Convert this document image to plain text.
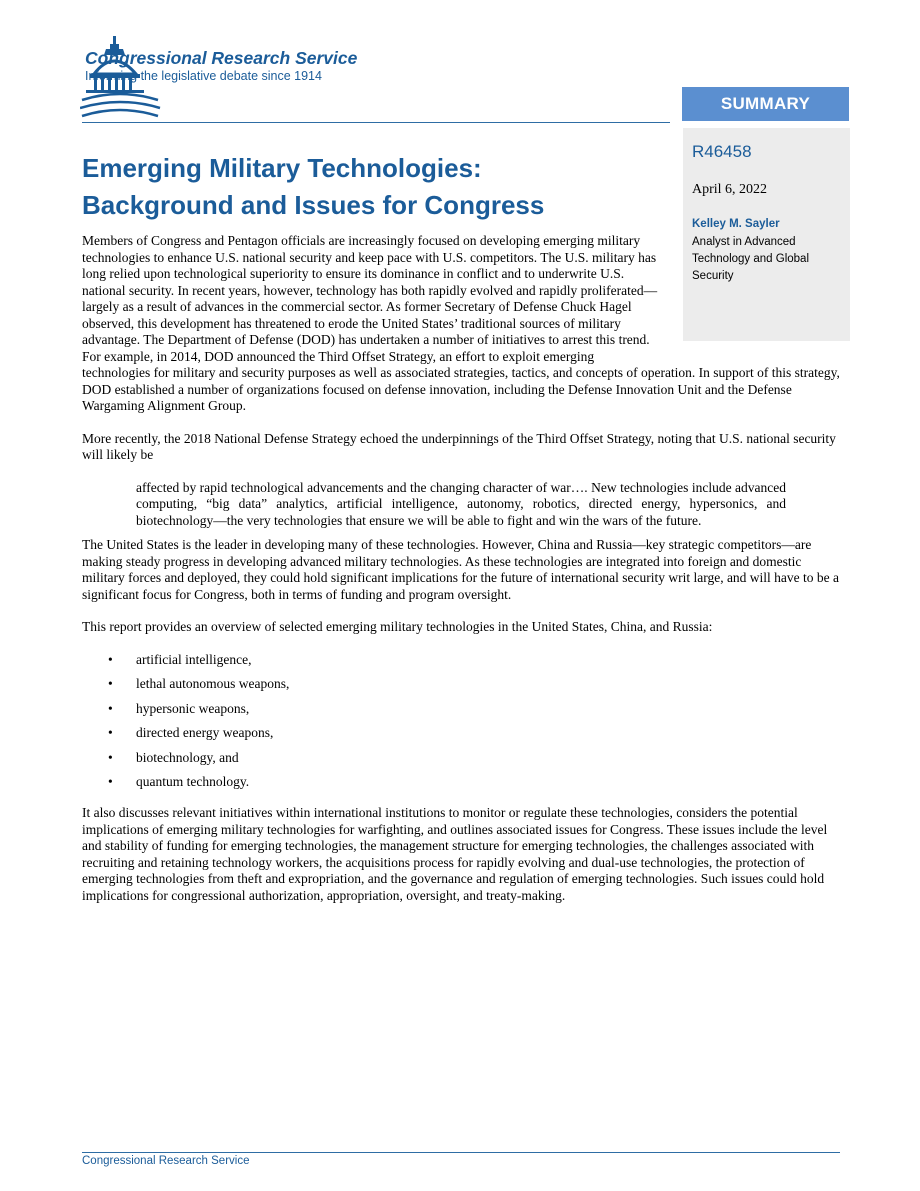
Congressional Research Service
Informing the legislative debate since 1914
SUMMARY
R46458
April 6, 2022
Kelley M. Sayler
Analyst in Advanced Technology and Global Security
Emerging Military Technologies:
Background and Issues for Congress

Members of Congress and Pentagon officials are increasingly focused on developing emerging military technologies to enhance U.S. national security and keep pace with U.S. competitors. The U.S. military has long relied upon technological superiority to ensure its dominance in conflict and to underwrite U.S. national security. In recent years, however, technology has both rapidly evolved and rapidly proliferated—largely as a result of advances in the commercial sector. As former Secretary of Defense Chuck Hagel observed, this development has threatened to erode the United States’ traditional sources of military advantage. The Department of Defense (DOD) has undertaken a number of initiatives to arrest this trend. For example, in 2014, DOD announced the Third Offset Strategy, an effort to exploit emerging technologies for military and security purposes as well as associated strategies, tactics, and concepts of operation. In support of this strategy, DOD established a number of organizations focused on defense innovation, including the Defense Innovation Unit and the Defense Wargaming Alignment Group.

More recently, the 2018 National Defense Strategy echoed the underpinnings of the Third Offset Strategy, noting that U.S. national security will likely be

affected by rapid technological advancements and the changing character of war…. New technologies include advanced computing, “big data” analytics, artificial intelligence, autonomy, robotics, directed energy, hypersonics, and biotechnology—the very technologies that ensure we will be able to fight and win the wars of the future.

The United States is the leader in developing many of these technologies. However, China and Russia—key strategic competitors—are making steady progress in developing advanced military technologies. As these technologies are integrated into foreign and domestic military forces and deployed, they could hold significant implications for the future of international security writ large, and will have to be a significant focus for Congress, both in terms of funding and program oversight.

This report provides an overview of selected emerging military technologies in the United States, China, and Russia:

• artificial intelligence,
• lethal autonomous weapons,
• hypersonic weapons,
• directed energy weapons,
• biotechnology, and
• quantum technology.

It also discusses relevant initiatives within international institutions to monitor or regulate these technologies, considers the potential implications of emerging military technologies for warfighting, and outlines associated issues for Congress. These issues include the level and stability of funding for emerging technologies, the management structure for emerging technologies, the challenges associated with recruiting and retaining technology workers, the acquisitions process for rapidly evolving and dual-use technologies, the protection of emerging technologies from theft and expropriation, and the governance and regulation of emerging technologies. Such issues could hold implications for congressional authorization, appropriation, oversight, and treaty-making.

Congressional Research Service
